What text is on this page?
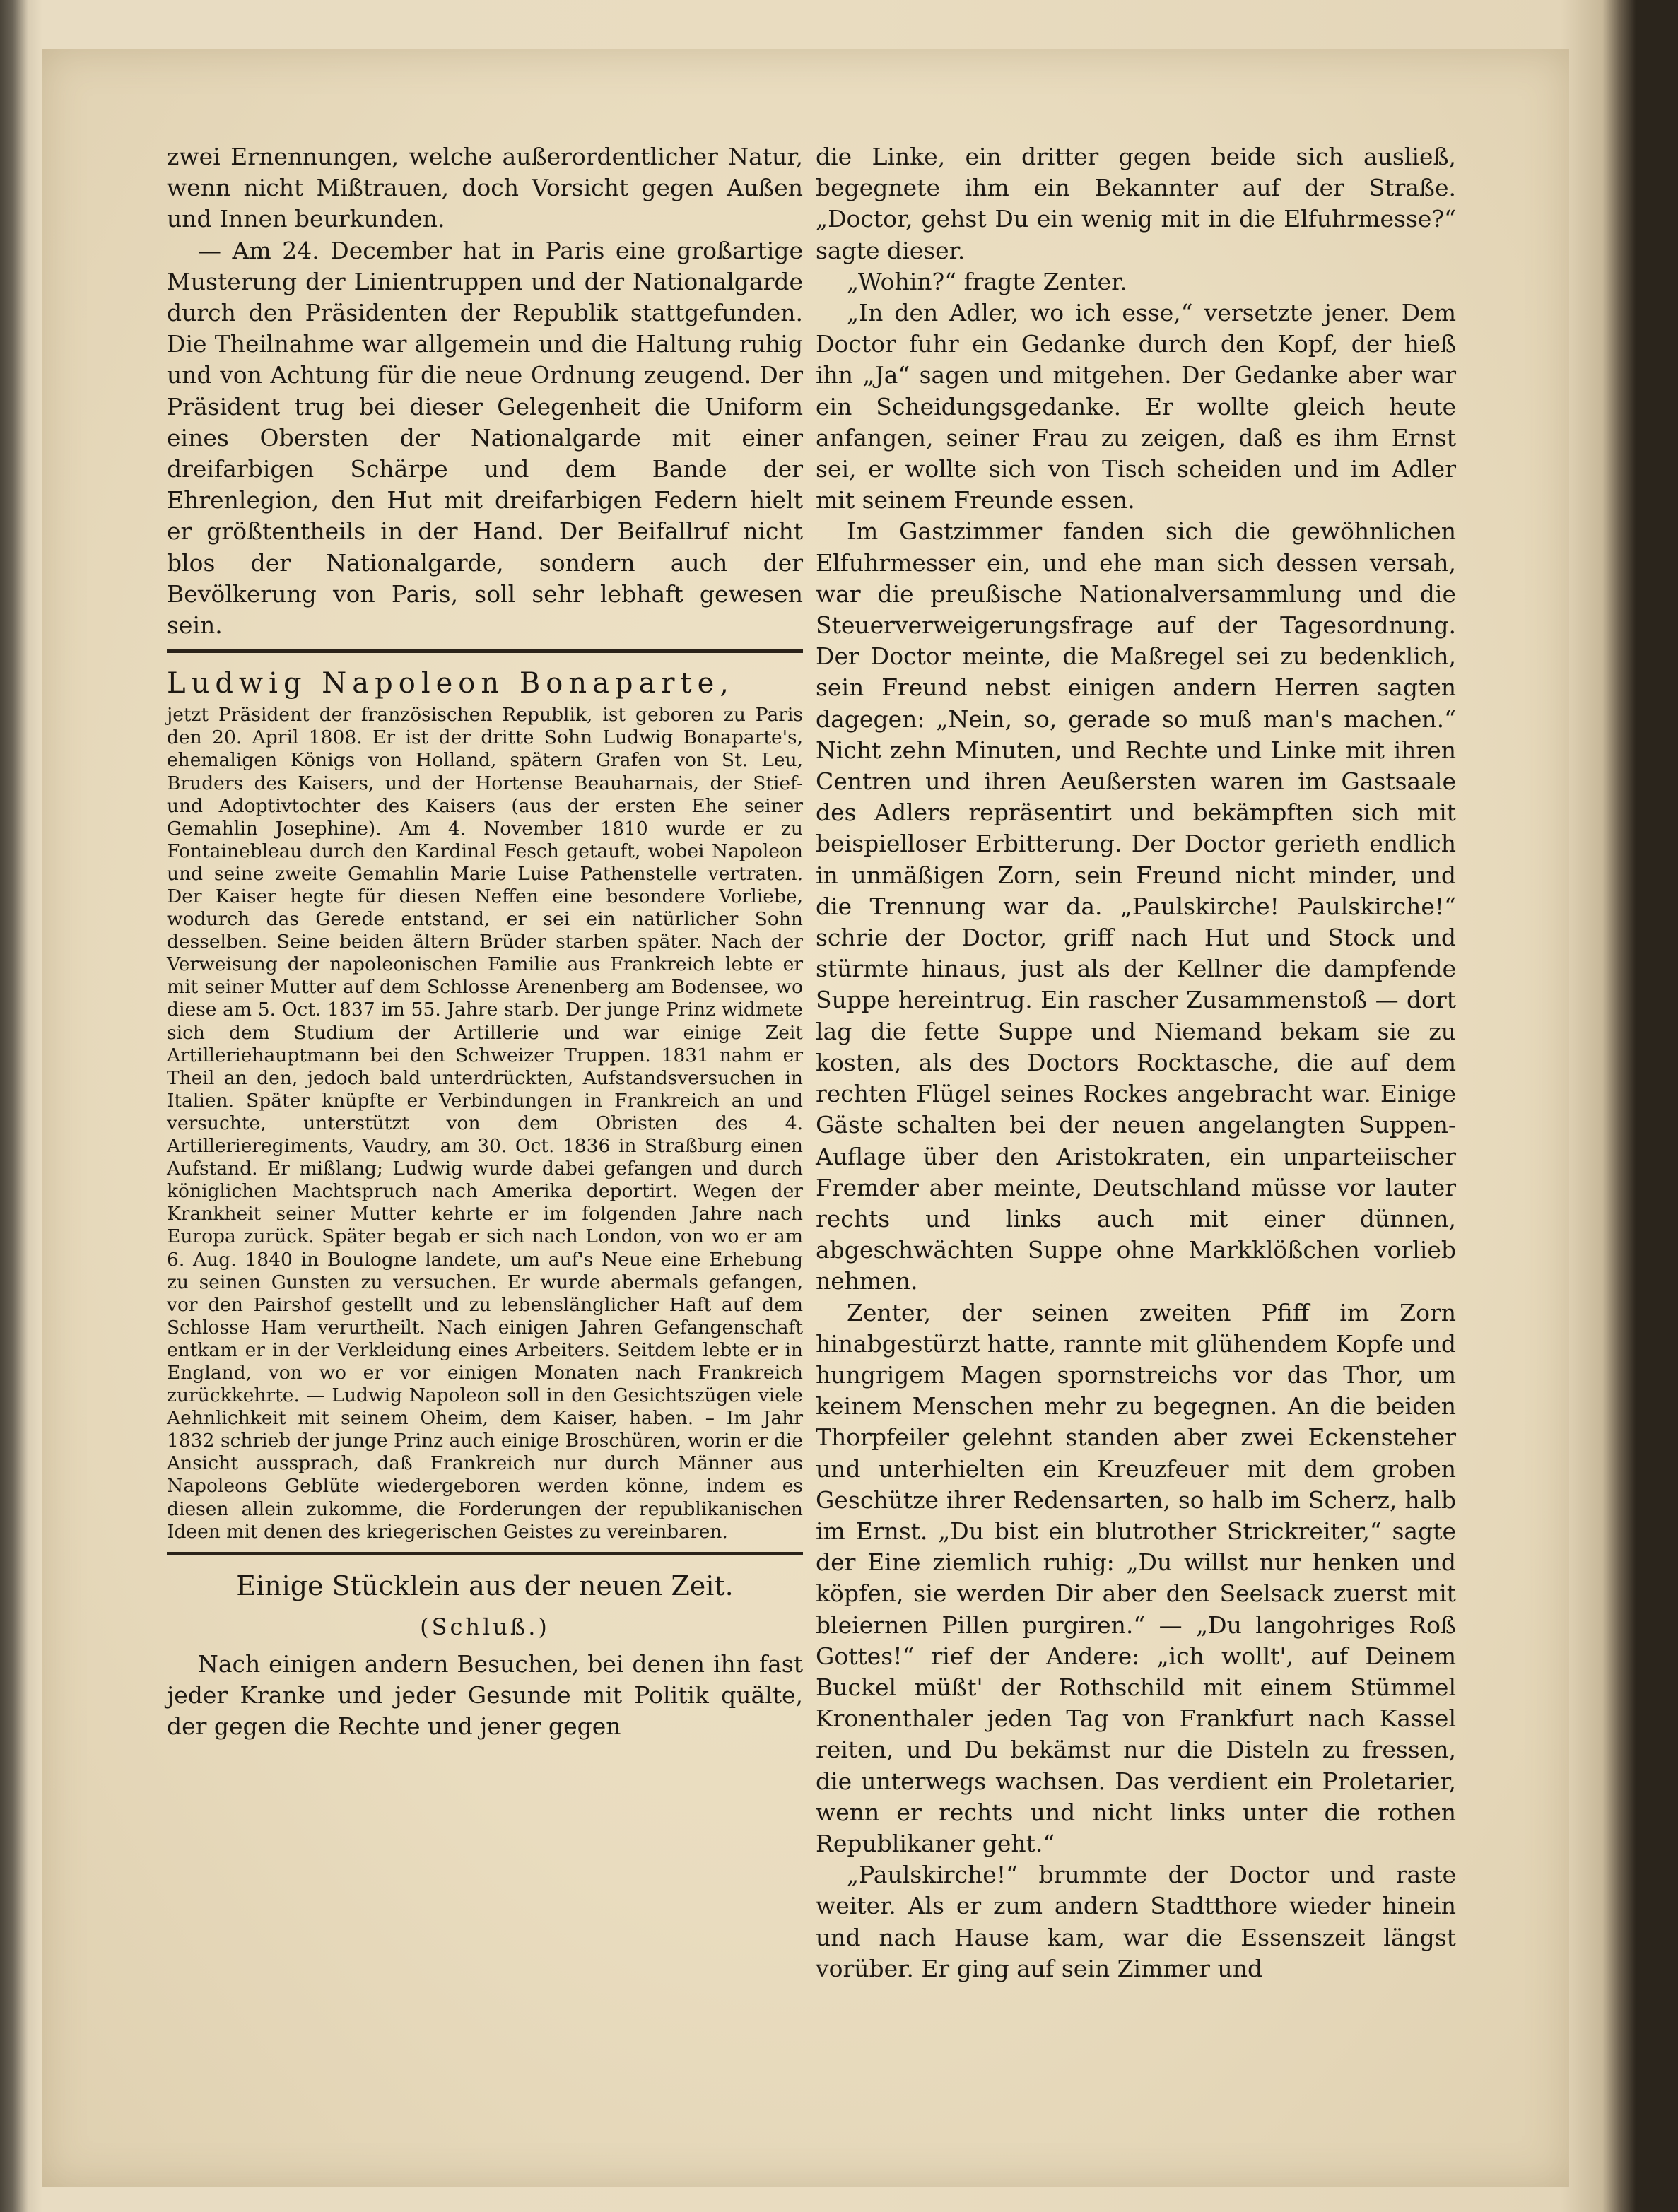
zwei Ernennungen, welche außerordentlicher Natur, wenn nicht Mißtrauen, doch Vorsicht gegen Außen und Innen beurkunden.

— Am 24. December hat in Paris eine großartige Musterung der Linientruppen und der Nationalgarde durch den Präsidenten der Republik stattgefunden. Die Theilnahme war allgemein und die Haltung ruhig und von Achtung für die neue Ordnung zeugend. Der Präsident trug bei dieser Gelegenheit die Uniform eines Obersten der Nationalgarde mit einer dreifarbigen Schärpe und dem Bande der Ehrenlegion, den Hut mit dreifarbigen Federn hielt er größtentheils in der Hand. Der Beifallruf nicht blos der Nationalgarde, sondern auch der Bevölkerung von Paris, soll sehr lebhaft gewesen sein.

Ludwig Napoleon Bonaparte,

jetzt Präsident der französischen Republik, ist geboren zu Paris den 20. April 1808. Er ist der dritte Sohn Ludwig Bonaparte's, ehemaligen Königs von Holland, spätern Grafen von St. Leu, Bruders des Kaisers, und der Hortense Beauharnais, der Stief- und Adoptivtochter des Kaisers (aus der ersten Ehe seiner Gemahlin Josephine). Am 4. November 1810 wurde er zu Fontainebleau durch den Kardinal Fesch getauft, wobei Napoleon und seine zweite Gemahlin Marie Luise Pathenstelle vertraten. Der Kaiser hegte für diesen Neffen eine besondere Vorliebe, wodurch das Gerede entstand, er sei ein natürlicher Sohn desselben. Seine beiden ältern Brüder starben später. Nach der Verweisung der napoleonischen Familie aus Frankreich lebte er mit seiner Mutter auf dem Schlosse Arenenberg am Bodensee, wo diese am 5. Oct. 1837 im 55. Jahre starb. Der junge Prinz widmete sich dem Studium der Artillerie und war einige Zeit Artilleriehauptmann bei den Schweizer Truppen. 1831 nahm er Theil an den, jedoch bald unterdrückten, Aufstandsversuchen in Italien. Später knüpfte er Verbindungen in Frankreich an und versuchte, unterstützt von dem Obristen des 4. Artillerieregiments, Vaudry, am 30. Oct. 1836 in Straßburg einen Aufstand. Er mißlang; Ludwig wurde dabei gefangen und durch königlichen Machtspruch nach Amerika deportirt. Wegen der Krankheit seiner Mutter kehrte er im folgenden Jahre nach Europa zurück. Später begab er sich nach London, von wo er am 6. Aug. 1840 in Boulogne landete, um auf's Neue eine Erhebung zu seinen Gunsten zu versuchen. Er wurde abermals gefangen, vor den Pairshof gestellt und zu lebenslänglicher Haft auf dem Schlosse Ham verurtheilt. Nach einigen Jahren Gefangenschaft entkam er in der Verkleidung eines Arbeiters. Seitdem lebte er in England, von wo er vor einigen Monaten nach Frankreich zurückkehrte. — Ludwig Napoleon soll in den Gesichtszügen viele Aehnlichkeit mit seinem Oheim, dem Kaiser, haben. – Im Jahr 1832 schrieb der junge Prinz auch einige Broschüren, worin er die Ansicht aussprach, daß Frankreich nur durch Männer aus Napoleons Geblüte wiedergeboren werden könne, indem es diesen allein zukomme, die Forderungen der republikanischen Ideen mit denen des kriegerischen Geistes zu vereinbaren.

Einige Stücklein aus der neuen Zeit.

(Schluß.)

Nach einigen andern Besuchen, bei denen ihn fast jeder Kranke und jeder Gesunde mit Politik quälte, der gegen die Rechte und jener gegen

die Linke, ein dritter gegen beide sich ausließ, begegnete ihm ein Bekannter auf der Straße. „Doctor, gehst Du ein wenig mit in die Elfuhrmesse?“ sagte dieser.

„Wohin?“ fragte Zenter.

„In den Adler, wo ich esse,“ versetzte jener. Dem Doctor fuhr ein Gedanke durch den Kopf, der hieß ihn „Ja“ sagen und mitgehen. Der Gedanke aber war ein Scheidungsgedanke. Er wollte gleich heute anfangen, seiner Frau zu zeigen, daß es ihm Ernst sei, er wollte sich von Tisch scheiden und im Adler mit seinem Freunde essen.

Im Gastzimmer fanden sich die gewöhnlichen Elfuhrmesser ein, und ehe man sich dessen versah, war die preußische Nationalversammlung und die Steuerverweigerungsfrage auf der Tagesordnung. Der Doctor meinte, die Maßregel sei zu bedenklich, sein Freund nebst einigen andern Herren sagten dagegen: „Nein, so, gerade so muß man's machen.“ Nicht zehn Minuten, und Rechte und Linke mit ihren Centren und ihren Aeußersten waren im Gastsaale des Adlers repräsentirt und bekämpften sich mit beispielloser Erbitterung. Der Doctor gerieth endlich in unmäßigen Zorn, sein Freund nicht minder, und die Trennung war da. „Paulskirche! Paulskirche!“ schrie der Doctor, griff nach Hut und Stock und stürmte hinaus, just als der Kellner die dampfende Suppe hereintrug. Ein rascher Zusammenstoß — dort lag die fette Suppe und Niemand bekam sie zu kosten, als des Doctors Rocktasche, die auf dem rechten Flügel seines Rockes angebracht war. Einige Gäste schalten bei der neuen angelangten Suppen-Auflage über den Aristokraten, ein unparteiischer Fremder aber meinte, Deutschland müsse vor lauter rechts und links auch mit einer dünnen, abgeschwächten Suppe ohne Markklößchen vorlieb nehmen.

Zenter, der seinen zweiten Pfiff im Zorn hinabgestürzt hatte, rannte mit glühendem Kopfe und hungrigem Magen spornstreichs vor das Thor, um keinem Menschen mehr zu begegnen. An die beiden Thorpfeiler gelehnt standen aber zwei Eckensteher und unterhielten ein Kreuzfeuer mit dem groben Geschütze ihrer Redensarten, so halb im Scherz, halb im Ernst. „Du bist ein blutrother Strickreiter,“ sagte der Eine ziemlich ruhig: „Du willst nur henken und köpfen, sie werden Dir aber den Seelsack zuerst mit bleiernen Pillen purgiren.“ — „Du langohriges Roß Gottes!“ rief der Andere: „ich wollt', auf Deinem Buckel müßt' der Rothschild mit einem Stümmel Kronenthaler jeden Tag von Frankfurt nach Kassel reiten, und Du bekämst nur die Disteln zu fressen, die unterwegs wachsen. Das verdient ein Proletarier, wenn er rechts und nicht links unter die rothen Republikaner geht.“

„Paulskirche!“ brummte der Doctor und raste weiter. Als er zum andern Stadtthore wieder hinein und nach Hause kam, war die Essenszeit längst vorüber. Er ging auf sein Zimmer und
